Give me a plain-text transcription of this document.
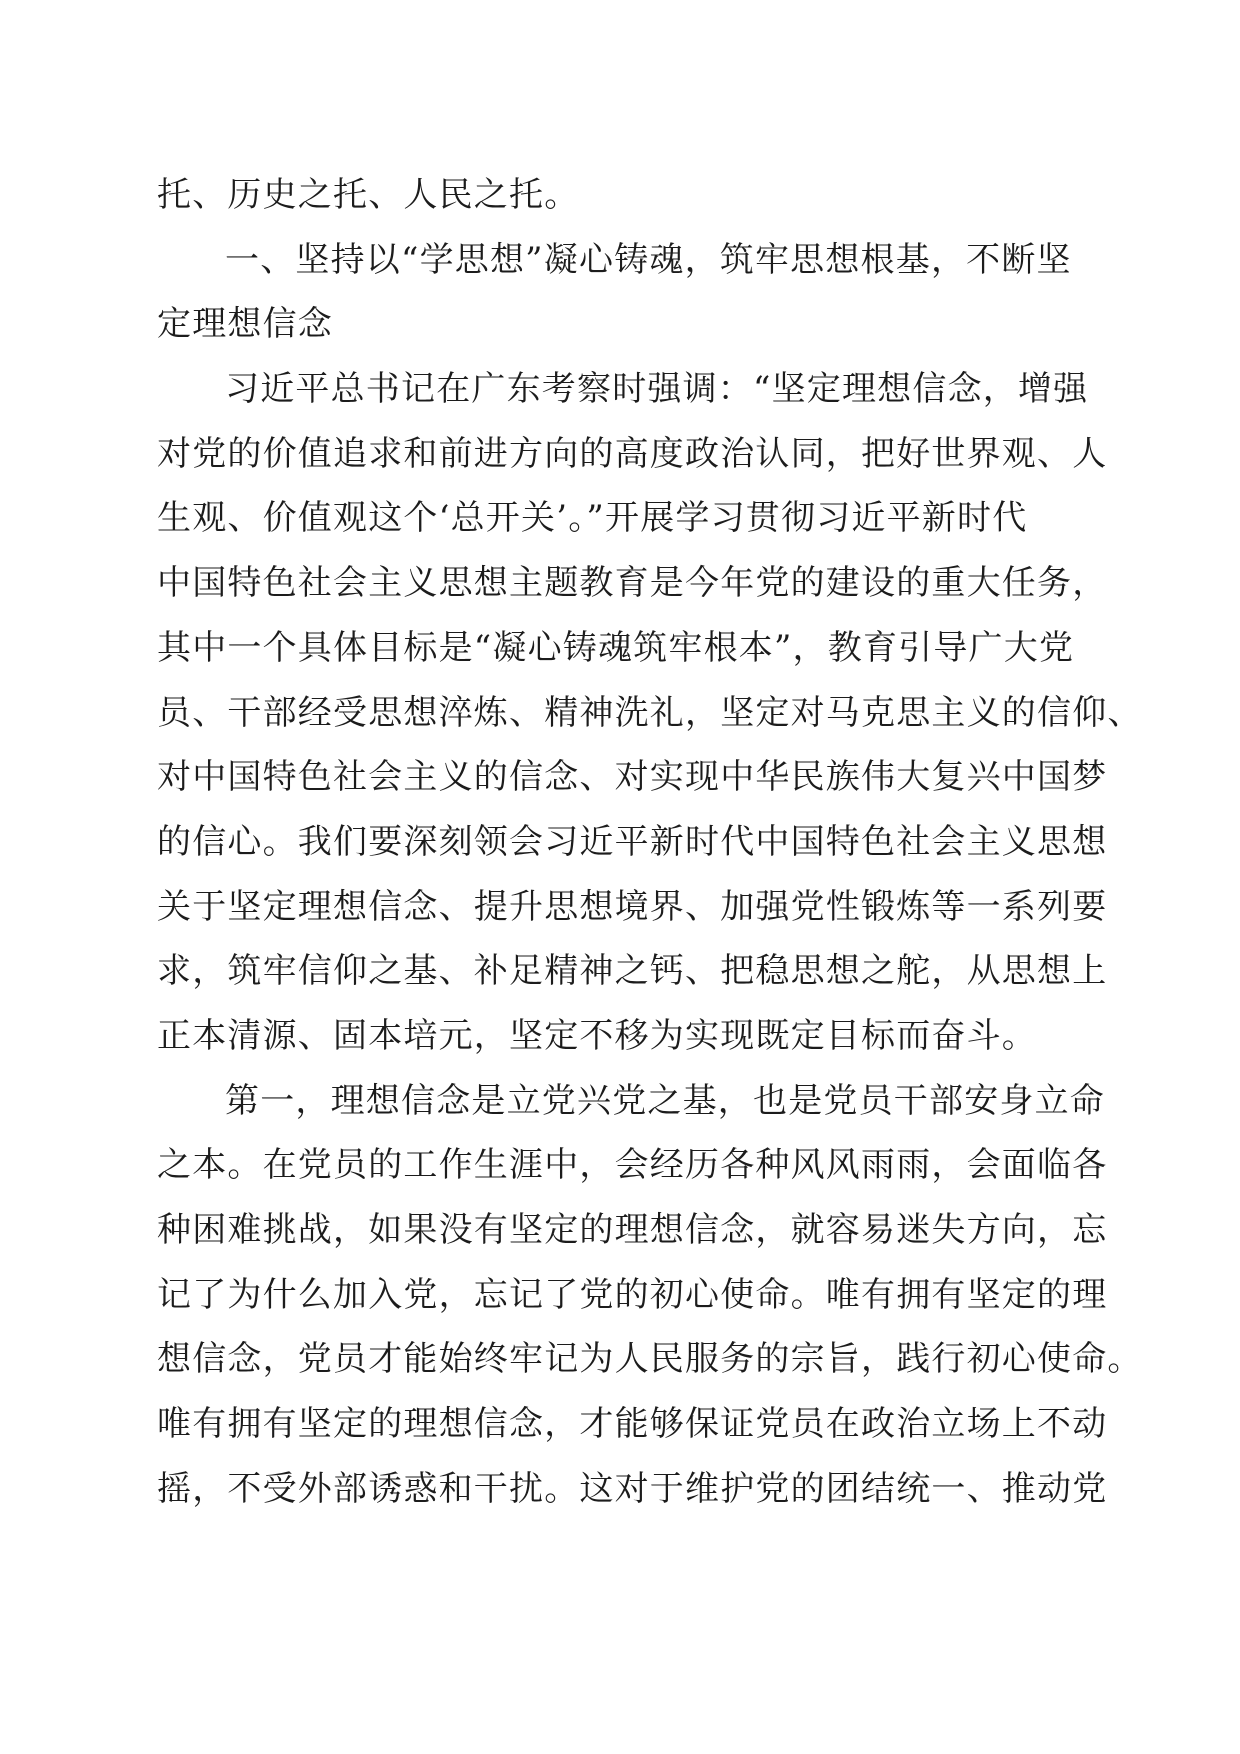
托、历史之托、人民之托。
一、坚持以“学思想”凝心铸魂，筑牢思想根基，不断坚
定理想信念
习近平总书记在广东考察时强调：“坚定理想信念，增强
对党的价值追求和前进方向的高度政治认同，把好世界观、人
生观、价值观这个‘总开关’。”开展学习贯彻习近平新时代
中国特色社会主义思想主题教育是今年党的建设的重大任务，
其中一个具体目标是“凝心铸魂筑牢根本”，教育引导广大党
员、干部经受思想淬炼、精神洗礼，坚定对马克思主义的信仰、
对中国特色社会主义的信念、对实现中华民族伟大复兴中国梦
的信心。我们要深刻领会习近平新时代中国特色社会主义思想
关于坚定理想信念、提升思想境界、加强党性锻炼等一系列要
求，筑牢信仰之基、补足精神之钙、把稳思想之舵，从思想上
正本清源、固本培元，坚定不移为实现既定目标而奋斗。
第一，理想信念是立党兴党之基，也是党员干部安身立命
之本。在党员的工作生涯中，会经历各种风风雨雨，会面临各
种困难挑战，如果没有坚定的理想信念，就容易迷失方向，忘
记了为什么加入党，忘记了党的初心使命。唯有拥有坚定的理
想信念，党员才能始终牢记为人民服务的宗旨，践行初心使命。
唯有拥有坚定的理想信念，才能够保证党员在政治立场上不动
摇，不受外部诱惑和干扰。这对于维护党的团结统一、推动党
